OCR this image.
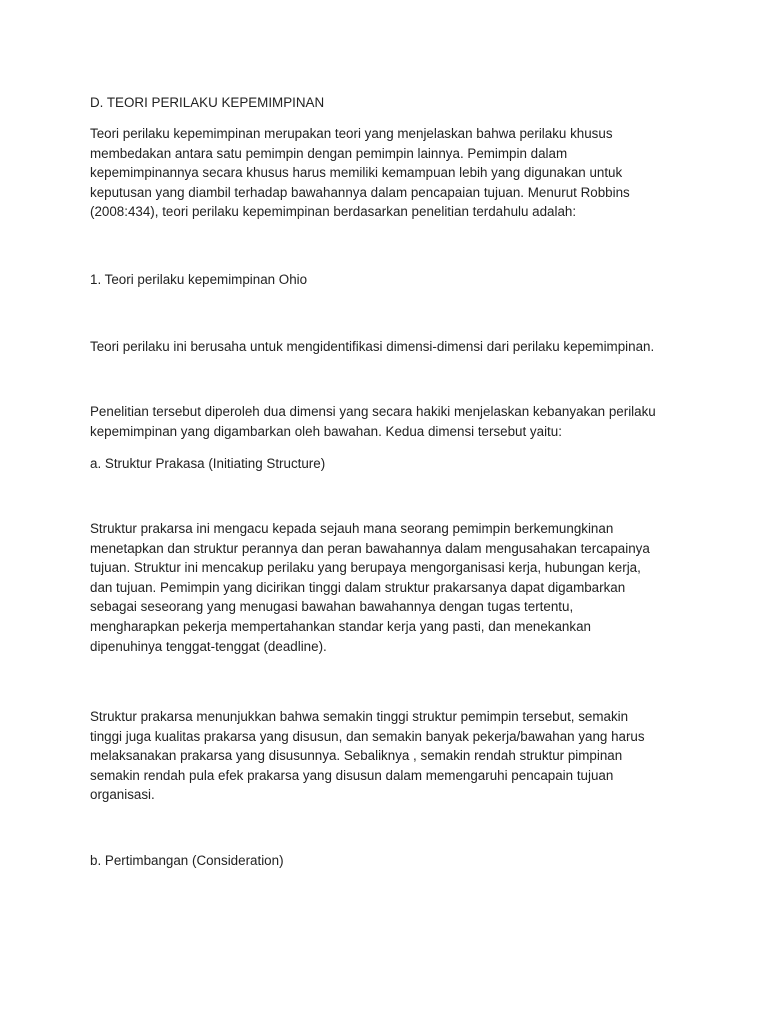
D. TEORI PERILAKU KEPEMIMPINAN

Teori perilaku kepemimpinan merupakan teori yang menjelaskan bahwa perilaku khusus
membedakan antara satu pemimpin dengan pemimpin lainnya. Pemimpin dalam
kepemimpinannya secara khusus harus memiliki kemampuan lebih yang digunakan untuk
keputusan yang diambil terhadap bawahannya dalam pencapaian tujuan. Menurut Robbins
(2008:434), teori perilaku kepemimpinan berdasarkan penelitian terdahulu adalah:

1. Teori perilaku kepemimpinan Ohio

Teori perilaku ini berusaha untuk mengidentifikasi dimensi-dimensi dari perilaku kepemimpinan.

Penelitian tersebut diperoleh dua dimensi yang secara hakiki menjelaskan kebanyakan perilaku
kepemimpinan yang digambarkan oleh bawahan. Kedua dimensi tersebut yaitu:

a. Struktur Prakasa (Initiating Structure)

Struktur prakarsa ini mengacu kepada sejauh mana seorang pemimpin berkemungkinan
menetapkan dan struktur perannya dan peran bawahannya dalam mengusahakan tercapainya
tujuan. Struktur ini mencakup perilaku yang berupaya mengorganisasi kerja, hubungan kerja,
dan tujuan. Pemimpin yang dicirikan tinggi dalam struktur prakarsanya dapat digambarkan
sebagai seseorang yang menugasi bawahan bawahannya dengan tugas tertentu,
mengharapkan pekerja mempertahankan standar kerja yang pasti, dan menekankan
dipenuhinya tenggat-tenggat (deadline).

Struktur prakarsa menunjukkan bahwa semakin tinggi struktur pemimpin tersebut, semakin
tinggi juga kualitas prakarsa yang disusun, dan semakin banyak pekerja/bawahan yang harus
melaksanakan prakarsa yang disusunnya. Sebaliknya , semakin rendah struktur pimpinan
semakin rendah pula efek prakarsa yang disusun dalam memengaruhi pencapain tujuan
organisasi.

b. Pertimbangan (Consideration)
